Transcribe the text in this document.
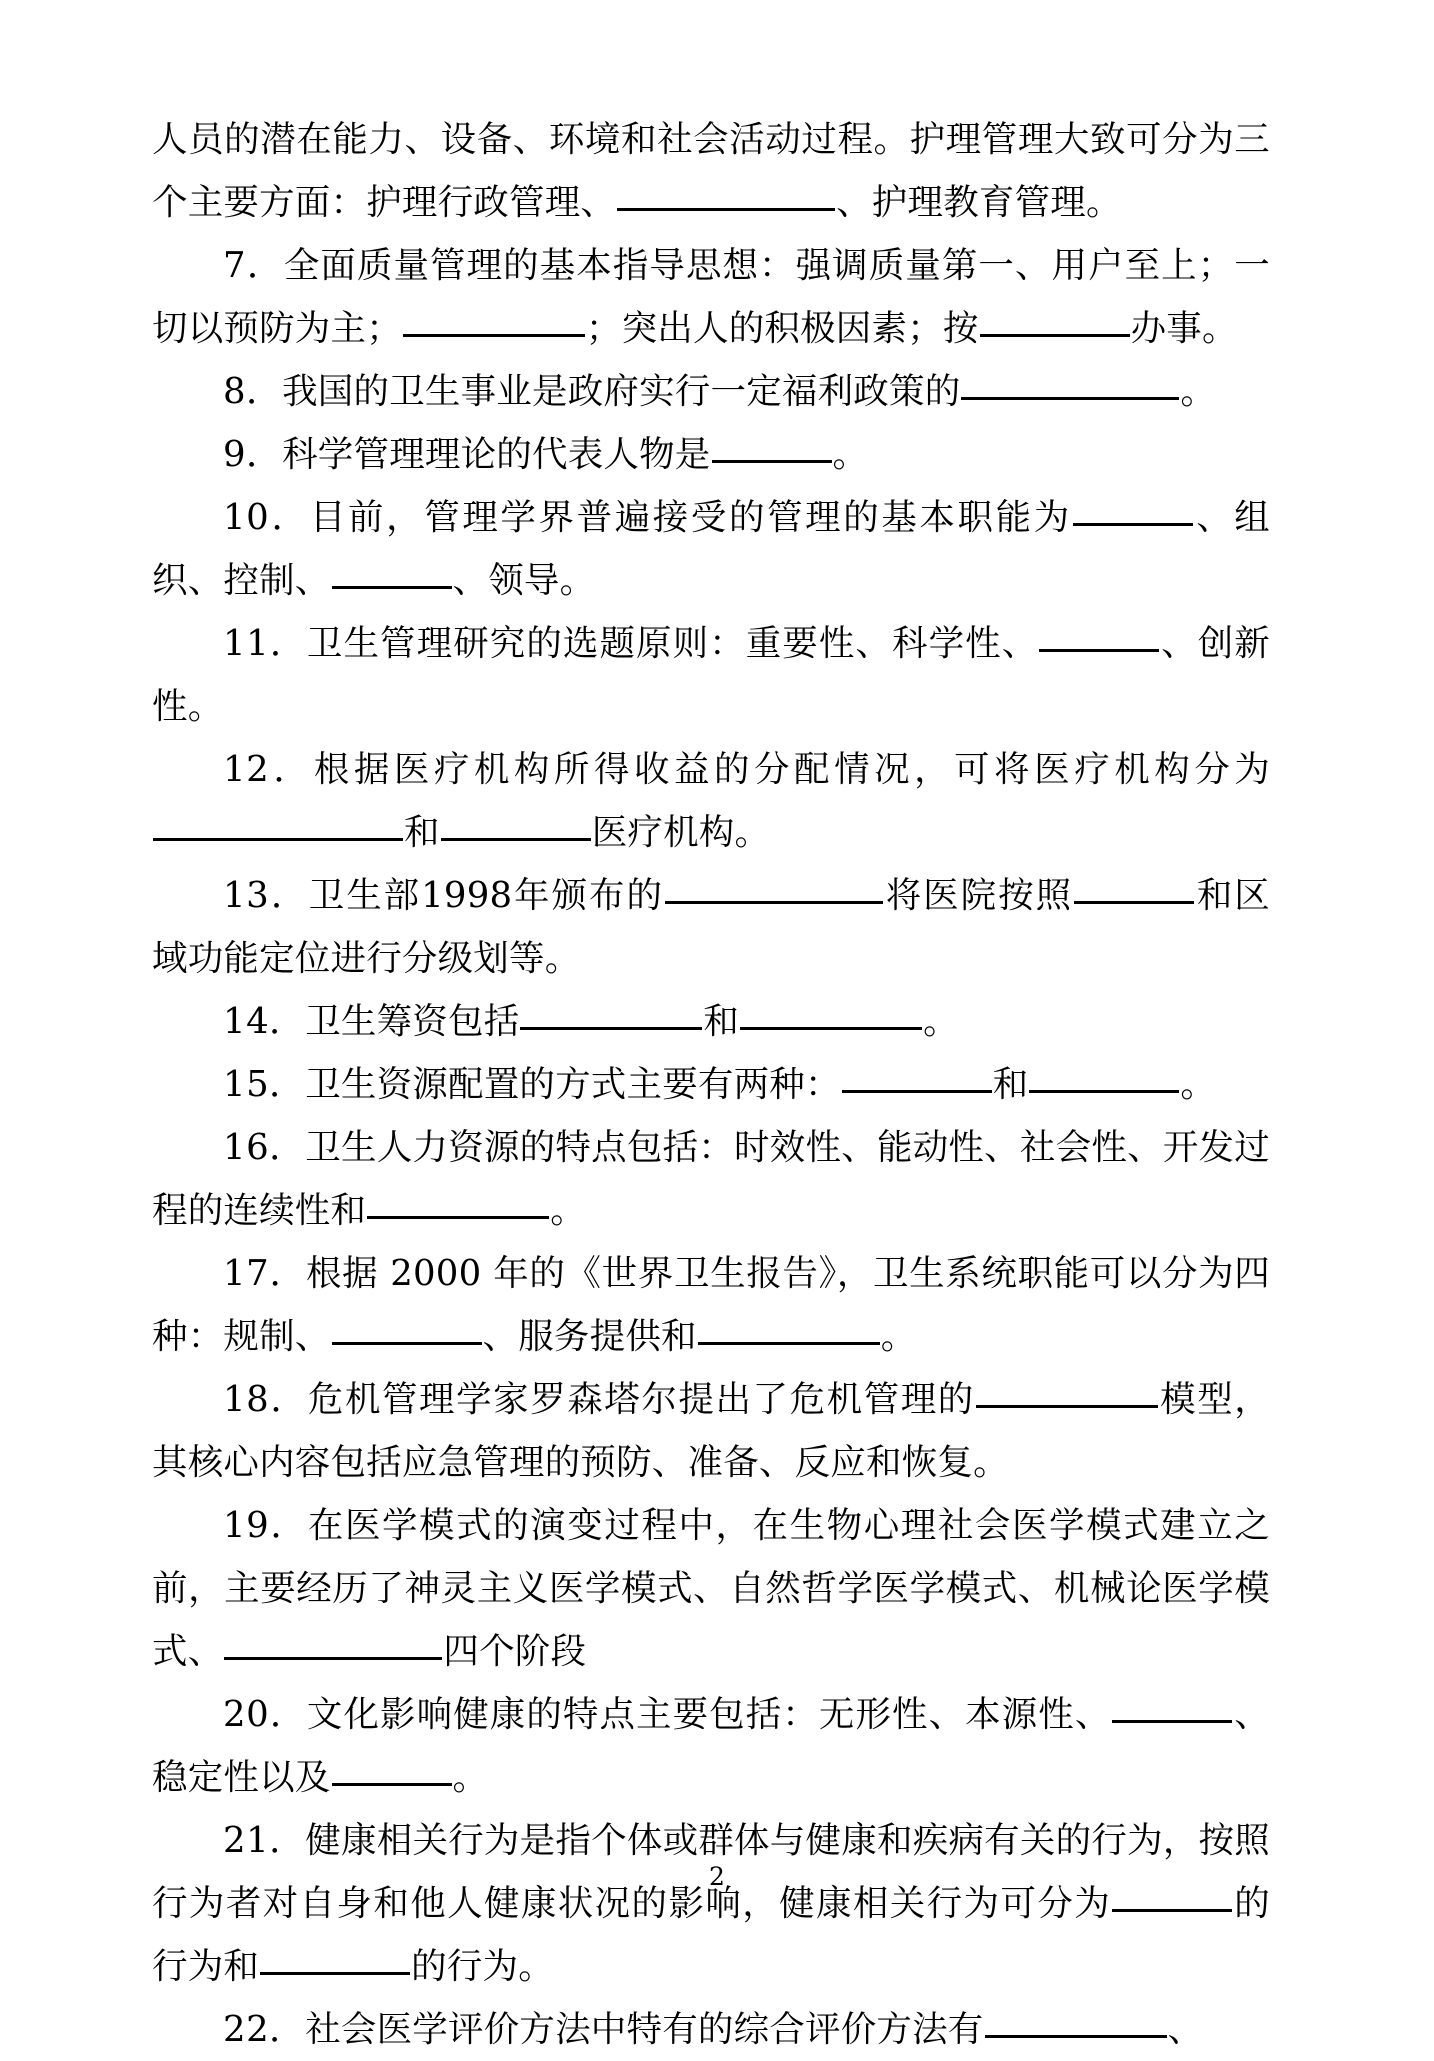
人员的潜在能力、设备、环境和社会活动过程。护理管理大致可分为三个主要方面：护理行政管理、	、护理教育管理。

7．全面质量管理的基本指导思想：强调质量第一、用户至上；一切以预防为主；	；突出人的积极因素；按	办事。

8．我国的卫生事业是政府实行一定福利政策的	。

9．科学管理理论的代表人物是	。

10．目前，管理学界普遍接受的管理的基本职能为	、组织、控制、	、领导。

11．卫生管理研究的选题原则：重要性、科学性、	、创新性。

12．根据医疗机构所得收益的分配情况，可将医疗机构分为和	医疗机构。

13．卫生部1998年颁布的	将医院按照	和区域功能定位进行分级划等。

14．卫生筹资包括	和	。

15．卫生资源配置的方式主要有两种：	和	。

16．卫生人力资源的特点包括：时效性、能动性、社会性、开发过程的连续性和	。

17．根据 2000 年的《世界卫生报告》，卫生系统职能可以分为四种：规制、	、服务提供和	。

18．危机管理学家罗森塔尔提出了危机管理的	模型，其核心内容包括应急管理的预防、准备、反应和恢复。

19．在医学模式的演变过程中，在生物心理社会医学模式建立之前，主要经历了神灵主义医学模式、自然哲学医学模式、机械论医学模式、	四个阶段

20．文化影响健康的特点主要包括：无形性、本源性、	、稳定性以及	。

21．健康相关行为是指个体或群体与健康和疾病有关的行为，按照行为者对自身和他人健康状况的影响，健康相关行为可分为	的行为和	的行为。

22．社会医学评价方法中特有的综合评价方法有	、

2
